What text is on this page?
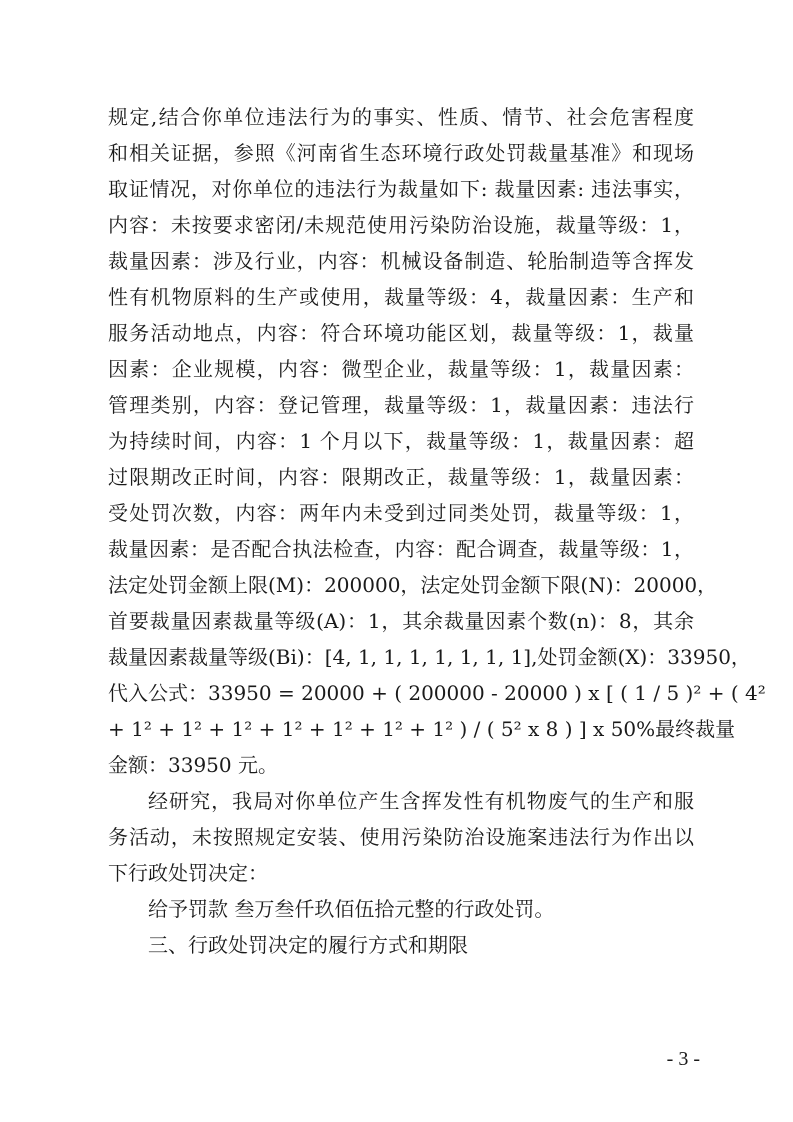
规定,结合你单位违法行为的事实、性质、情节、社会危害程度
和相关证据，参照《河南省生态环境行政处罚裁量基准》和现场
取证情况，对你单位的违法行为裁量如下: 裁量因素: 违法事实，
内容：未按要求密闭/未规范使用污染防治设施，裁量等级：1，
裁量因素：涉及行业，内容：机械设备制造、轮胎制造等含挥发
性有机物原料的生产或使用，裁量等级：4，裁量因素：生产和
服务活动地点，内容：符合环境功能区划，裁量等级：1，裁量
因素：企业规模，内容：微型企业，裁量等级：1，裁量因素：
管理类别，内容：登记管理，裁量等级：1，裁量因素：违法行
为持续时间，内容：1 个月以下，裁量等级：1，裁量因素：超
过限期改正时间，内容：限期改正，裁量等级：1，裁量因素：
受处罚次数，内容：两年内未受到过同类处罚，裁量等级：1，
裁量因素：是否配合执法检查，内容：配合调查，裁量等级：1，
法定处罚金额上限(M)：200000，法定处罚金额下限(N)：20000，
首要裁量因素裁量等级(A)：1，其余裁量因素个数(n)：8，其余
裁量因素裁量等级(Bi)：[4, 1, 1, 1, 1, 1, 1, 1],处罚金额(X)：33950，
代入公式：33950 = 20000 + ( 200000 - 20000 ) x [ ( 1 / 5 )² + ( 4²
+ 1² + 1² + 1² + 1² + 1² + 1² + 1² ) / ( 5² x 8 ) ] x 50%最终裁量
金额：33950 元。
经研究，我局对你单位产生含挥发性有机物废气的生产和服
务活动，未按照规定安装、使用污染防治设施案违法行为作出以
下行政处罚决定：
给予罚款 叁万叁仟玖佰伍拾元整的行政处罚。
三、行政处罚决定的履行方式和期限
- 3 -
